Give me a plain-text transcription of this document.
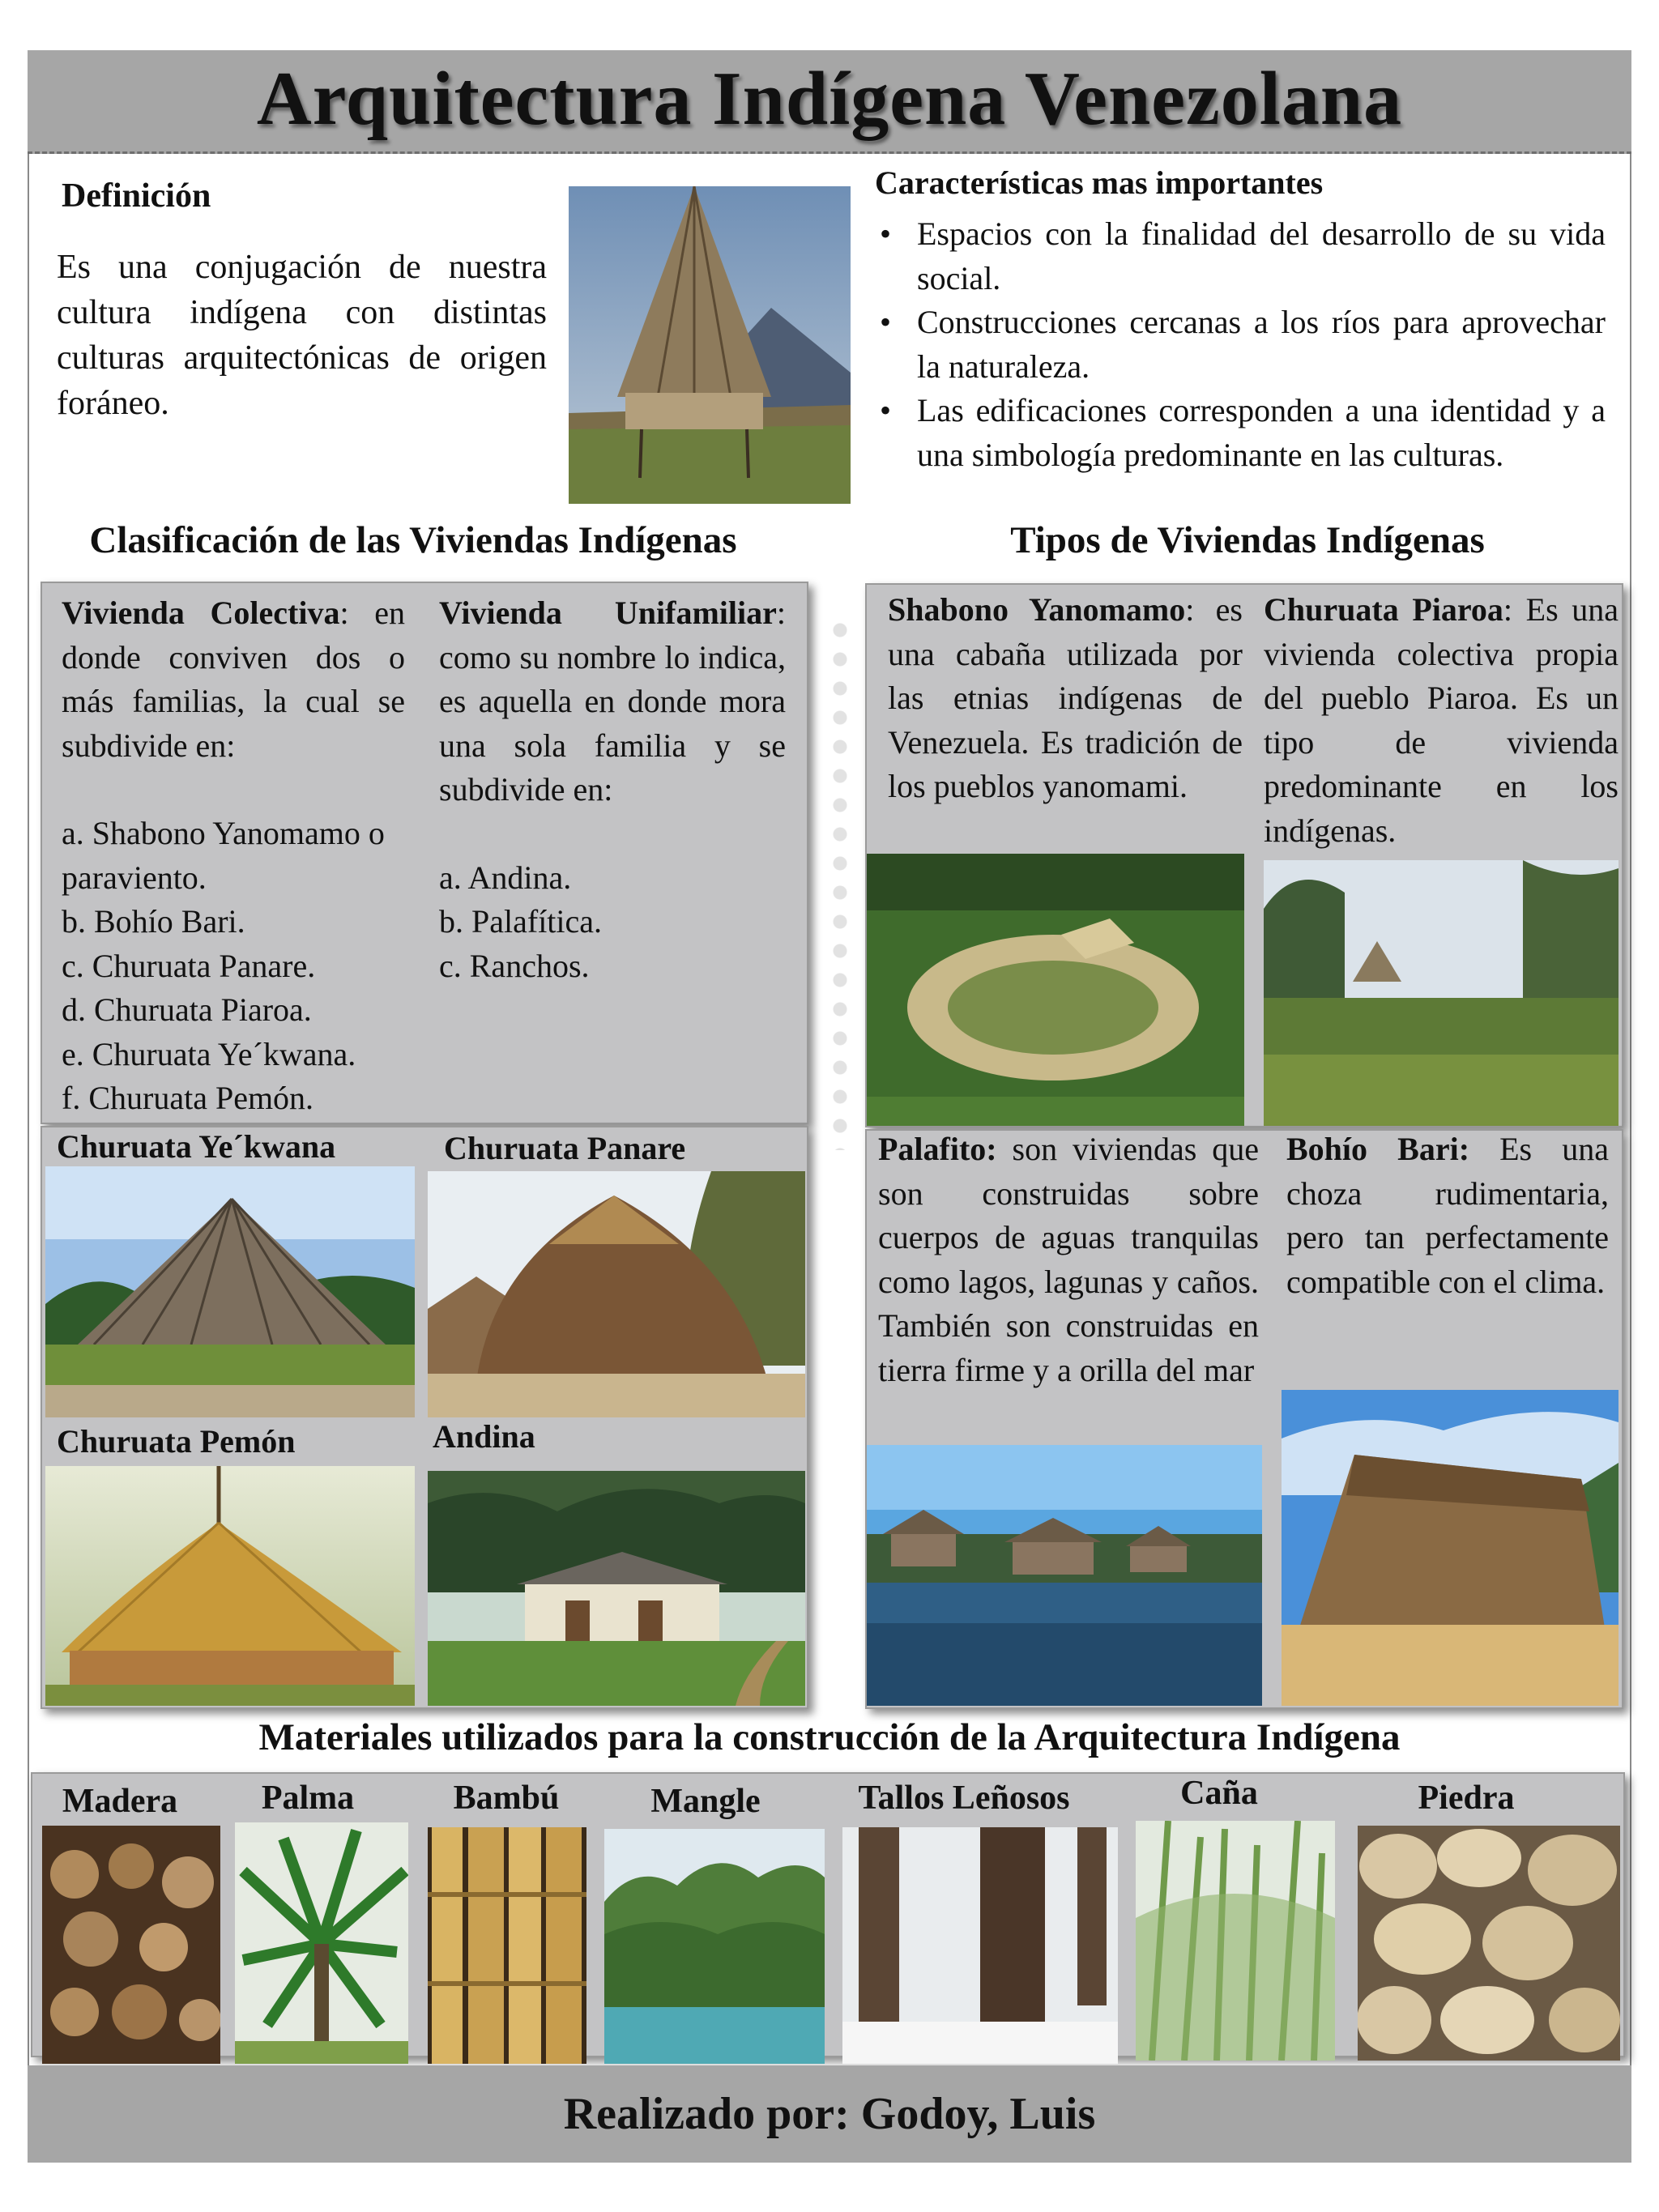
Arquitectura Indígena Venezolana
Definición
Es una conjugación de nuestra cultura indígena con distintas culturas arquitectónicas de origen foráneo.
Características mas importantes
• Espacios con la finalidad del desarrollo de su vida social.
• Construcciones cercanas a los ríos para aprovechar la naturaleza.
• Las edificaciones corresponden a una identidad y a una simbología predominante en las culturas.
Clasificación de las Viviendas Indígenas	Tipos de Viviendas Indígenas
Vivienda Colectiva: en donde conviven dos o más familias, la cual se subdivide en:
a. Shabono Yanomamo o paraviento.
b. Bohío Bari.
c. Churuata Panare.
d. Churuata Piaroa.
e. Churuata Ye´kwana.
f. Churuata Pemón.
Vivienda Unifamiliar: como su nombre lo indica, es aquella en donde mora una sola familia y se subdivide en:
a. Andina.
b. Palafítica.
c. Ranchos.
Churuata Ye´kwana	Churuata Panare
Churuata Pemón	Andina
Shabono Yanomamo: es una cabaña utilizada por las etnias indígenas de Venezuela. Es tradición de los pueblos yanomami.
Churuata Piaroa: Es una vivienda colectiva propia del pueblo Piaroa. Es un tipo de vivienda predominante en los indígenas.
Palafito: son viviendas que son construidas sobre cuerpos de aguas tranquilas como lagos, lagunas y caños. También son construidas en tierra firme y a orilla del mar
Bohío Bari: Es una choza rudimentaria, pero tan perfectamente compatible con el clima.
Materiales utilizados para la construcción de la Arquitectura Indígena
Madera	Palma	Bambú	Mangle	Tallos Leñosos	Caña	Piedra
Realizado por: Godoy, Luis
